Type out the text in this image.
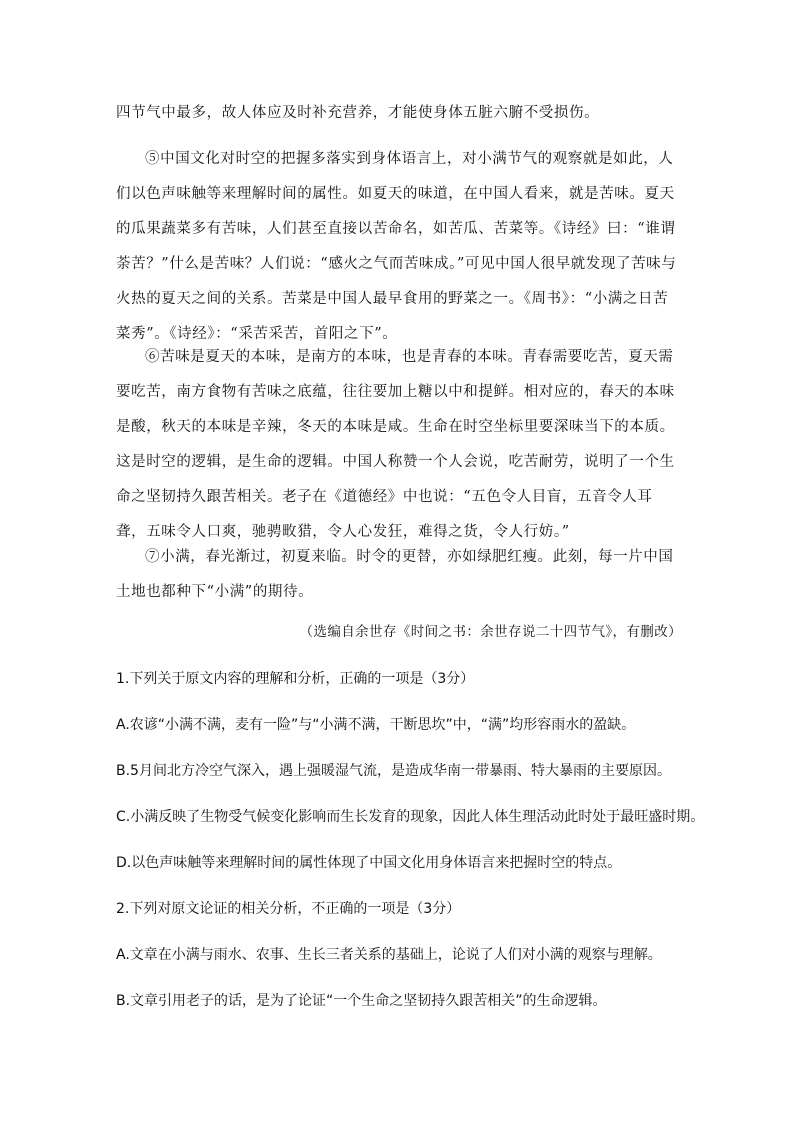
四节气中最多，故人体应及时补充营养，才能使身体五脏六腑不受损伤。

⑤中国文化对时空的把握多落实到身体语言上，对小满节气的观察就是如此，人们以色声味触等来理解时间的属性。如夏天的味道，在中国人看来，就是苦味。夏天的瓜果蔬菜多有苦味，人们甚至直接以苦命名，如苦瓜、苦菜等。《诗经》曰：“谁谓荼苦？”什么是苦味？人们说：“感火之气而苦味成。”可见中国人很早就发现了苦味与火热的夏天之间的关系。苦菜是中国人最早食用的野菜之一。《周书》：“小满之日苦菜秀”。《诗经》：“采苦采苦，首阳之下”。

⑥苦味是夏天的本味，是南方的本味，也是青春的本味。青春需要吃苦，夏天需要吃苦，南方食物有苦味之底蕴，往往要加上糖以中和提鲜。相对应的，春天的本味是酸，秋天的本味是辛辣，冬天的本味是咸。生命在时空坐标里要深味当下的本质。这是时空的逻辑，是生命的逻辑。中国人称赞一个人会说，吃苦耐劳，说明了一个生命之坚韧持久跟苦相关。老子在《道德经》中也说：“五色令人目盲，五音令人耳聋，五味令人口爽，驰骋畋猎，令人心发狂，难得之货，令人行妨。”

⑦小满，春光渐过，初夏来临。时令的更替，亦如绿肥红瘦。此刻，每一片中国土地也都种下“小满”的期待。

（选编自余世存《时间之书：余世存说二十四节气》，有删改）
1.下列关于原文内容的理解和分析，正确的一项是（3分）
A.农谚“小满不满，麦有一险”与“小满不满，干断思坎”中，“满”均形容雨水的盈缺。
B.5月间北方冷空气深入，遇上强暖湿气流，是造成华南一带暴雨、特大暴雨的主要原因。
C.小满反映了生物受气候变化影响而生长发育的现象，因此人体生理活动此时处于最旺盛时期。
D.以色声味触等来理解时间的属性体现了中国文化用身体语言来把握时空的特点。
2.下列对原文论证的相关分析，不正确的一项是（3分）
A.文章在小满与雨水、农事、生长三者关系的基础上，论说了人们对小满的观察与理解。
B.文章引用老子的话，是为了论证“一个生命之坚韧持久跟苦相关”的生命逻辑。
